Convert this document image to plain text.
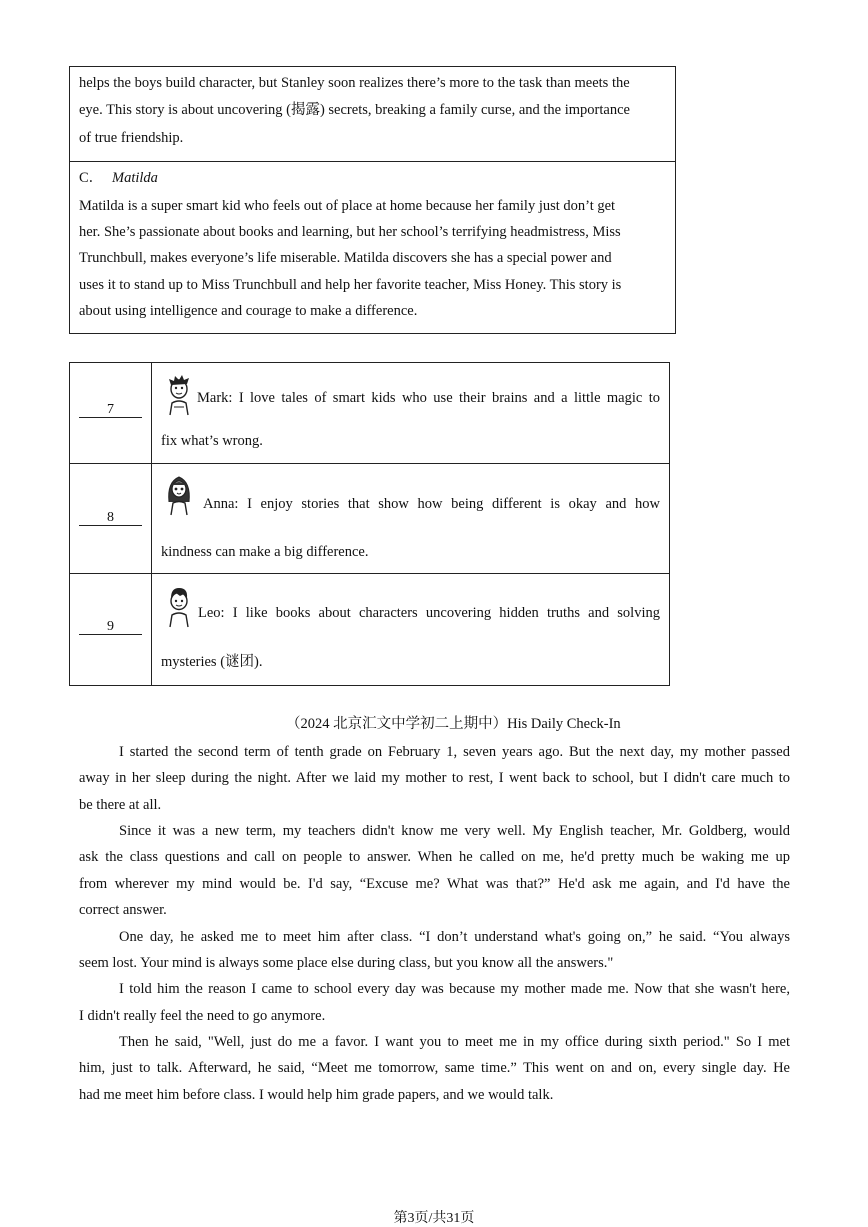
helps the boys build character, but Stanley soon realizes there’s more to the task than meets the
eye. This story is about uncovering (揭露) secrets, breaking a family curse, and the importance
of true friendship.
C． Matilda
Matilda is a super smart kid who feels out of place at home because her family just don’t get
her. She’s passionate about books and learning, but her school’s terrifying headmistress, Miss
Trunchbull, makes everyone’s life miserable. Matilda discovers she has a special power and
uses it to stand up to Miss Trunchbull and help her favorite teacher, Miss Honey. This story is
about using intelligence and courage to make a difference.
7
Mark: I love tales of smart kids who use their brains and a little magic to
fix what’s wrong.
8
Anna: I enjoy stories that show how being different is okay and how
kindness can make a big difference.
9
Leo: I like books about characters uncovering hidden truths and solving
mysteries (谜团).
（2024 北京汇文中学初二上期中）His Daily Check-In
I started the second term of tenth grade on February 1, seven years ago. But the next day, my mother passed
away in her sleep during the night. After we laid my mother to rest, I went back to school, but I didn't care much to
be there at all.
Since it was a new term, my teachers didn't know me very well. My English teacher, Mr. Goldberg, would
ask the class questions and call on people to answer. When he called on me, he'd pretty much be waking me up
from wherever my mind would be. I'd say, “Excuse me? What was that?” He'd ask me again, and I'd have the
correct answer.
One day, he asked me to meet him after class. “I don’t understand what's going on,” he said. “You always
seem lost. Your mind is always some place else during class, but you know all the answers."
I told him the reason I came to school every day was because my mother made me. Now that she wasn't here,
I didn't really feel the need to go anymore.
Then he said, "Well, just do me a favor. I want you to meet me in my office during sixth period." So I met
him, just to talk. Afterward, he said, “Meet me tomorrow, same time.” This went on and on, every single day. He
had me meet him before class. I would help him grade papers, and we would talk.
第3页/共31页
